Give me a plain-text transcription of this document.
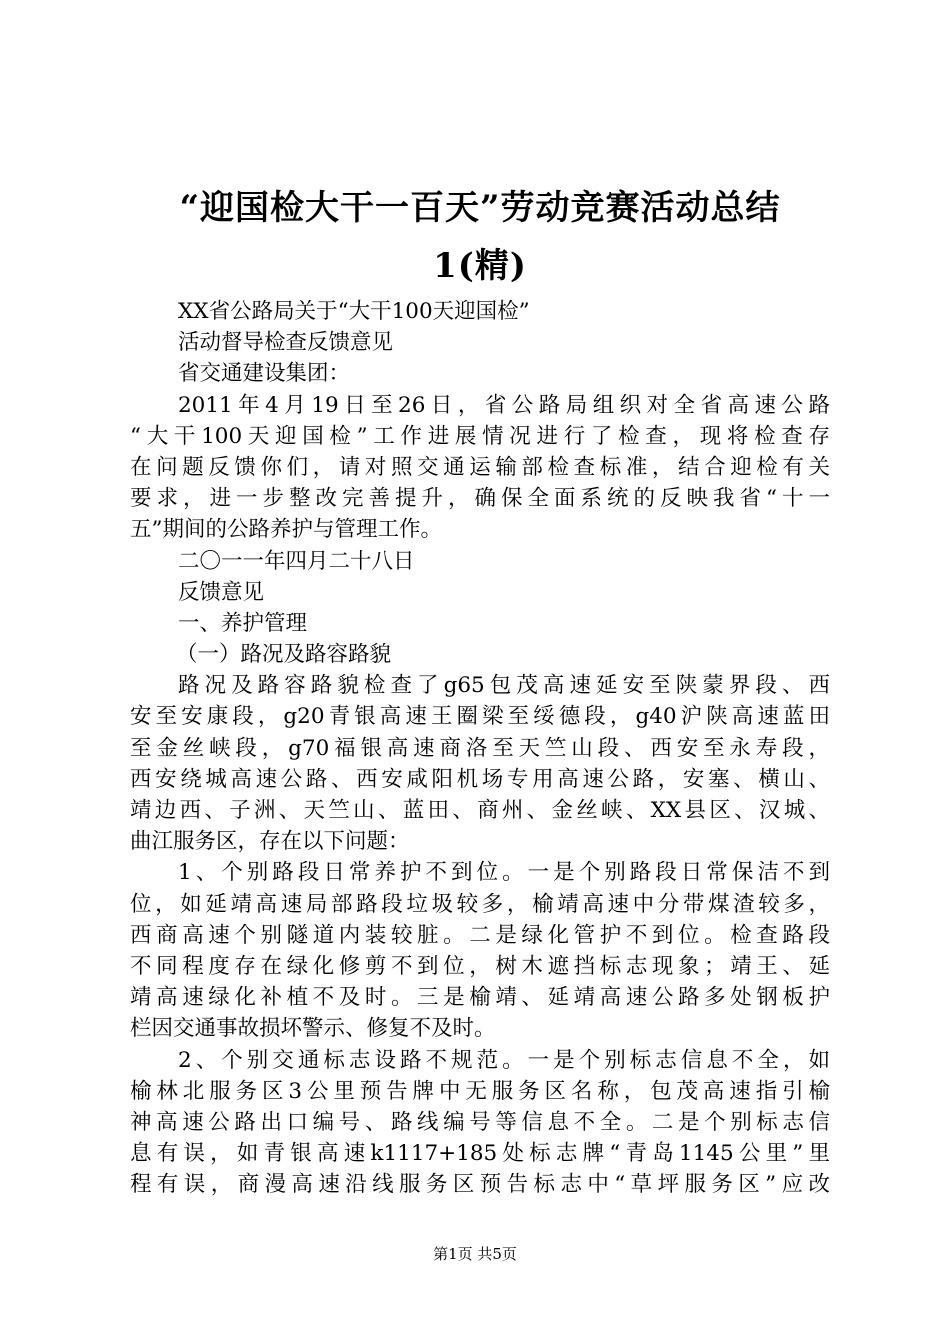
“迎国检大干一百天”劳动竞赛活动总结
1(精)
XX省公路局关于“大干100天迎国检”
活动督导检查反馈意见
省交通建设集团：
2011年4月19日至26日，省公路局组织对全省高速公路
“大干100天迎国检”工作进展情况进行了检查，现将检查存
在问题反馈你们，请对照交通运输部检查标准，结合迎检有关
要求，进一步整改完善提升，确保全面系统的反映我省“十一
五”期间的公路养护与管理工作。
二〇一一年四月二十八日
反馈意见
一、养护管理
（一）路况及路容路貌
路况及路容路貌检查了g65包茂高速延安至陕蒙界段、西
安至安康段，g20青银高速王圈梁至绥德段，g40沪陕高速蓝田
至金丝峡段，g70福银高速商洛至天竺山段、西安至永寿段，
西安绕城高速公路、西安咸阳机场专用高速公路，安塞、横山、
靖边西、子洲、天竺山、蓝田、商州、金丝峡、XX县区、汉城、
曲江服务区，存在以下问题：
1、个别路段日常养护不到位。一是个别路段日常保洁不到
位，如延靖高速局部路段垃圾较多，榆靖高速中分带煤渣较多，
西商高速个别隧道内装较脏。二是绿化管护不到位。检查路段
不同程度存在绿化修剪不到位，树木遮挡标志现象；靖王、延
靖高速绿化补植不及时。三是榆靖、延靖高速公路多处钢板护
栏因交通事故损坏警示、修复不及时。
2、个别交通标志设路不规范。一是个别标志信息不全，如
榆林北服务区3公里预告牌中无服务区名称，包茂高速指引榆
神高速公路出口编号、路线编号等信息不全。二是个别标志信
息有误，如青银高速k1117+185处标志牌“青岛1145公里”里
程有误，商漫高速沿线服务区预告标志中“草坪服务区”应改
第1页 共5页
